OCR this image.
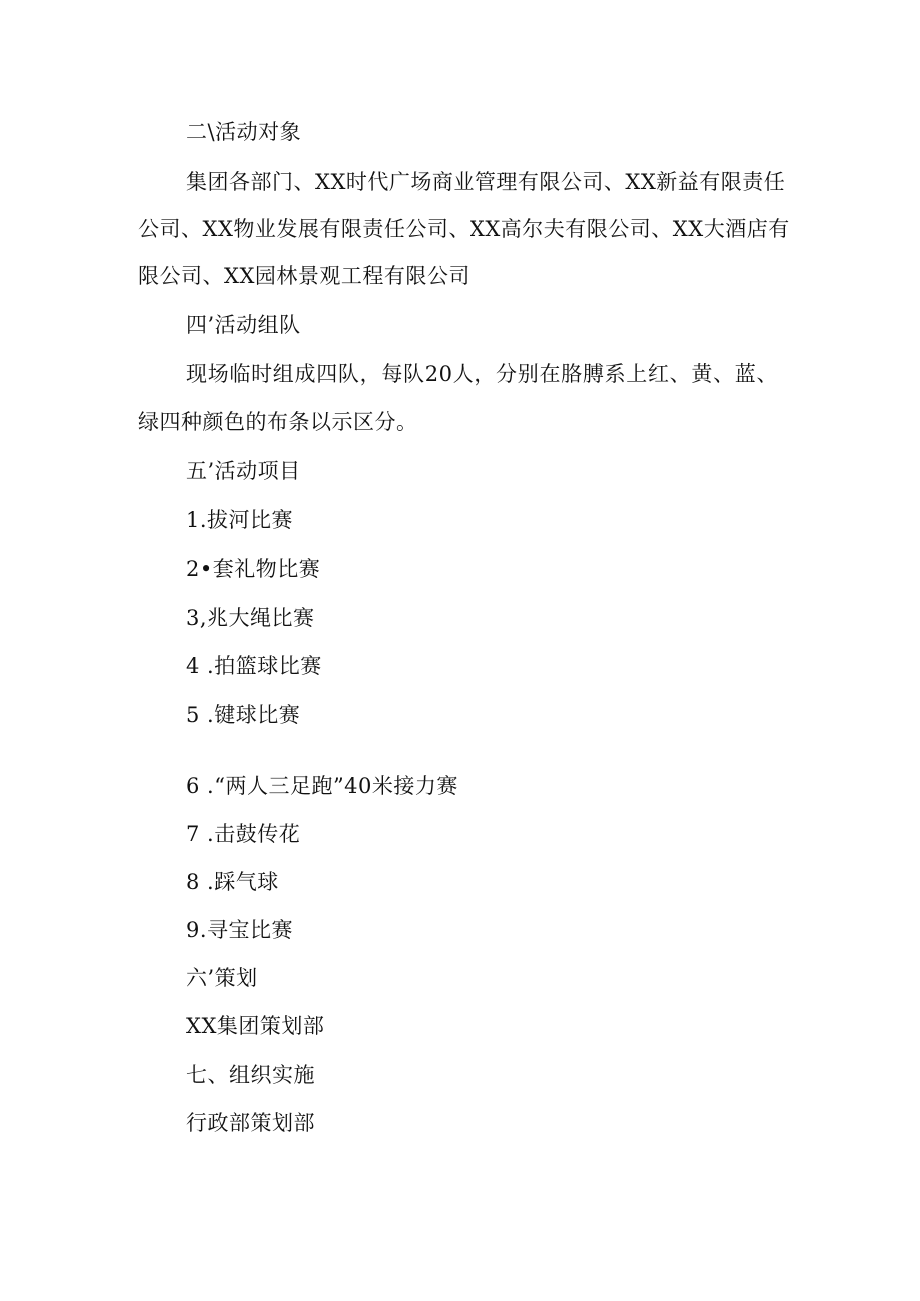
二\活动对象
集团各部门、XX时代广场商业管理有限公司、XX新益有限责任
公司、XX物业发展有限责任公司、XX高尔夫有限公司、XX大酒店有
限公司、XX园林景观工程有限公司
四’活动组队
现场临时组成四队，每队20人，分别在胳膊系上红、黄、蓝、
绿四种颜色的布条以示区分。
五’活动项目
1.拔河比赛
2•套礼物比赛
3,兆大绳比赛
4 .拍篮球比赛
5 .键球比赛
6 .“两人三足跑”40米接力赛
7 .击鼓传花
8 .踩气球
9.寻宝比赛
六’策划
XX集团策划部
七、组织实施
行政部策划部
